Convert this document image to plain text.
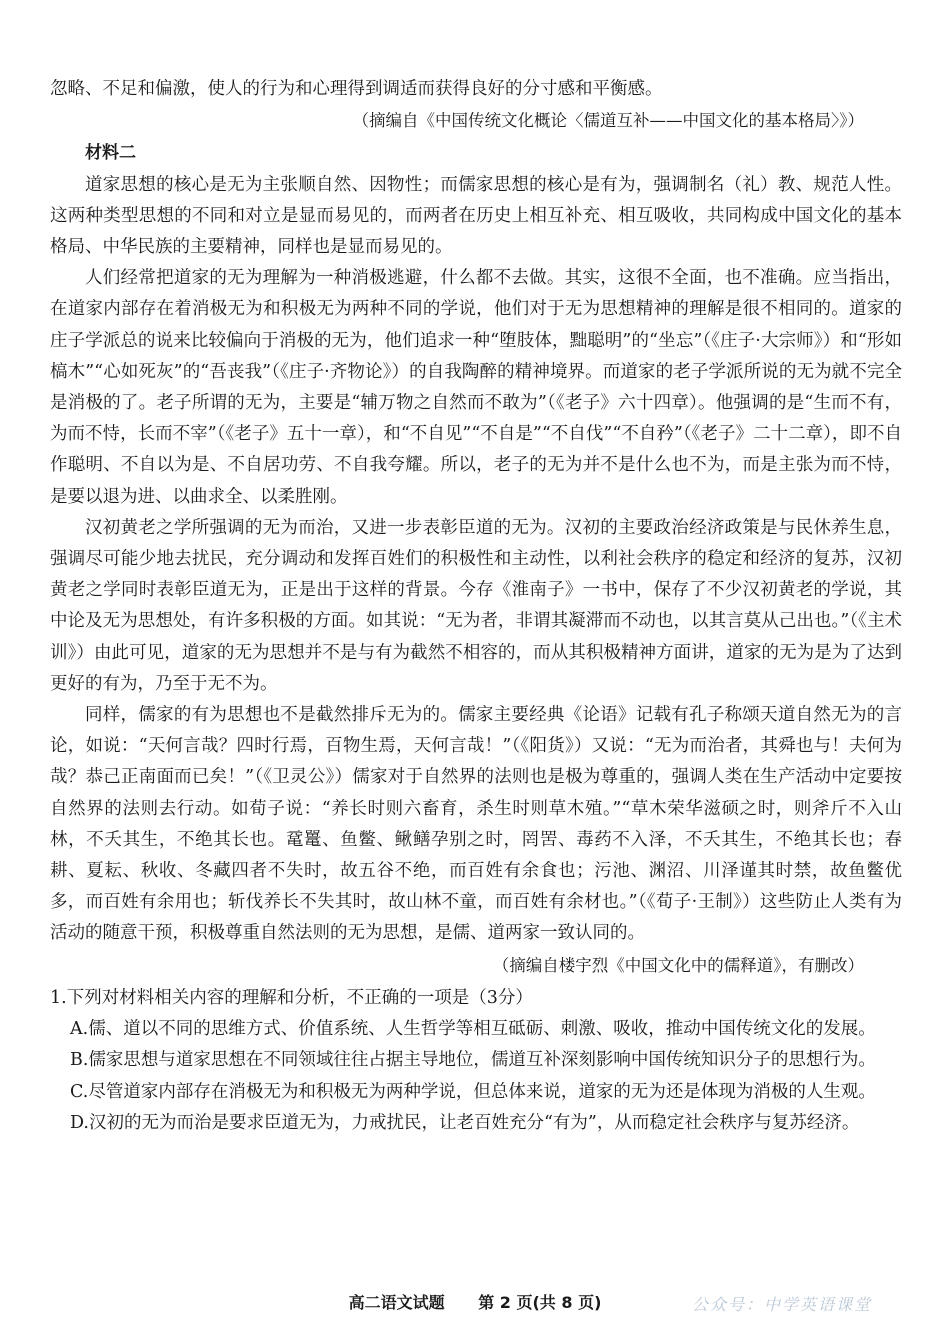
忽略、不足和偏激，使人的行为和心理得到调适而获得良好的分寸感和平衡感。

（摘编自《中国传统文化概论〈儒道互补——中国文化的基本格局〉》）

材料二

道家思想的核心是无为主张顺自然、因物性；而儒家思想的核心是有为，强调制名（礼）教、规范人性。这两种类型思想的不同和对立是显而易见的，而两者在历史上相互补充、相互吸收，共同构成中国文化的基本格局、中华民族的主要精神，同样也是显而易见的。

人们经常把道家的无为理解为一种消极逃避，什么都不去做。其实，这很不全面，也不准确。应当指出，在道家内部存在着消极无为和积极无为两种不同的学说，他们对于无为思想精神的理解是很不相同的。道家的庄子学派总的说来比较偏向于消极的无为，他们追求一种“堕肢体，黜聪明”的“坐忘”（《庄子·大宗师》）和“形如槁木”“心如死灰”的“吾丧我”（《庄子·齐物论》）的自我陶醉的精神境界。而道家的老子学派所说的无为就不完全是消极的了。老子所谓的无为，主要是“辅万物之自然而不敢为”（《老子》六十四章）。他强调的是“生而不有，为而不恃，长而不宰”（《老子》五十一章），和“不自见”“不自是”“不自伐”“不自矜”（《老子》二十二章），即不自作聪明、不自以为是、不自居功劳、不自我夸耀。所以，老子的无为并不是什么也不为，而是主张为而不恃，是要以退为进、以曲求全、以柔胜刚。

汉初黄老之学所强调的无为而治，又进一步表彰臣道的无为。汉初的主要政治经济政策是与民休养生息，强调尽可能少地去扰民，充分调动和发挥百姓们的积极性和主动性，以利社会秩序的稳定和经济的复苏，汉初黄老之学同时表彰臣道无为，正是出于这样的背景。今存《淮南子》一书中，保存了不少汉初黄老的学说，其中论及无为思想处，有许多积极的方面。如其说：“无为者，非谓其凝滞而不动也，以其言莫从己出也。”（《主术训》）由此可见，道家的无为思想并不是与有为截然不相容的，而从其积极精神方面讲，道家的无为是为了达到更好的有为，乃至于无不为。

同样，儒家的有为思想也不是截然排斥无为的。儒家主要经典《论语》记载有孔子称颂天道自然无为的言论，如说：“天何言哉？四时行焉，百物生焉，天何言哉！”（《阳货》）又说：“无为而治者，其舜也与！夫何为哉？恭己正南面而已矣！”（《卫灵公》）儒家对于自然界的法则也是极为尊重的，强调人类在生产活动中定要按自然界的法则去行动。如荀子说：“养长时则六畜育，杀生时则草木殖。”“草木荣华滋硕之时，则斧斤不入山林，不夭其生，不绝其长也。鼋鼍、鱼鳖、鳅鳝孕别之时，罔罟、毒药不入泽，不夭其生，不绝其长也；春耕、夏耘、秋收、冬藏四者不失时，故五谷不绝，而百姓有余食也；污池、渊沼、川泽谨其时禁，故鱼鳖优多，而百姓有余用也；斩伐养长不失其时，故山林不童，而百姓有余材也。”（《荀子·王制》）这些防止人类有为活动的随意干预，积极尊重自然法则的无为思想，是儒、道两家一致认同的。

（摘编自楼宇烈《中国文化中的儒释道》，有删改）

1.下列对材料相关内容的理解和分析，不正确的一项是（3分）

A.儒、道以不同的思维方式、价值系统、人生哲学等相互砥砺、刺激、吸收，推动中国传统文化的发展。

B.儒家思想与道家思想在不同领域往往占据主导地位，儒道互补深刻影响中国传统知识分子的思想行为。

C.尽管道家内部存在消极无为和积极无为两种学说，但总体来说，道家的无为还是体现为消极的人生观。

D.汉初的无为而治是要求臣道无为，力戒扰民，让老百姓充分“有为”，从而稳定社会秩序与复苏经济。

高二语文试题 第 2 页(共 8 页)	公众号：中学英语课堂
